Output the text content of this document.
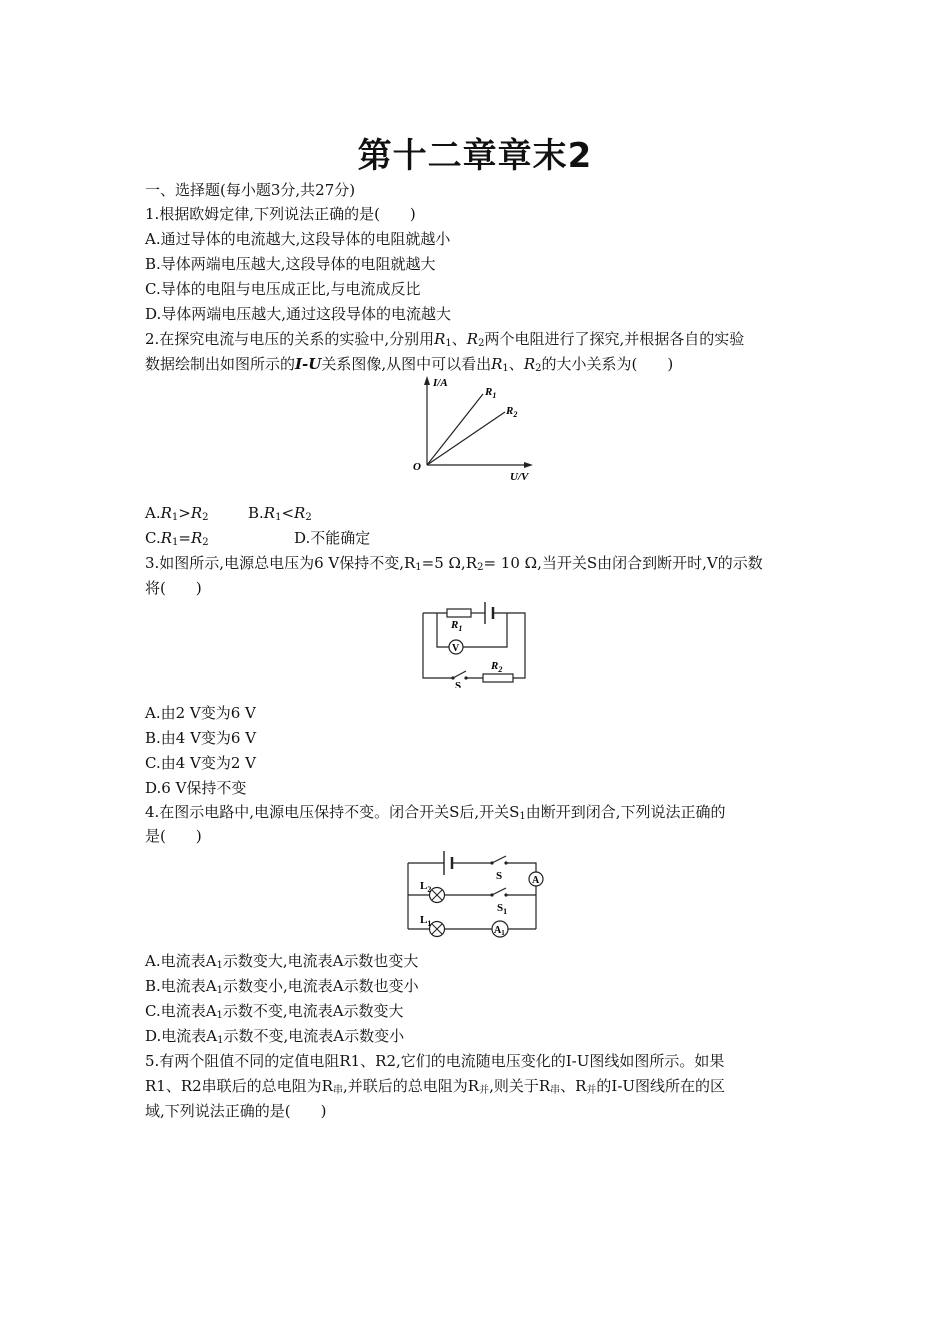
第十二章章末2
一、选择题(每小题3分,共27分)
1.根据欧姆定律,下列说法正确的是(　　)
A.通过导体的电流越大,这段导体的电阻就越小
B.导体两端电压越大,这段导体的电阻就越大
C.导体的电阻与电压成正比,与电流成反比
D.导体两端电压越大,通过这段导体的电流越大
2.在探究电流与电压的关系的实验中,分别用$R_1$、$R_2$两个电阻进行了探究,并根据各自的实验
数据绘制出如图所示的I-U关系图像,从图中可以看出$R_1$、$R_2$的大小关系为(　　)
I/A
U/V
O
$R_1$
$R_2$
$A.R_1>R_2$	$B.R_1<R_2$
$C.R_1=R_2$	D.不能确定
3.如图所示,电源总电压为6 V保持不变$,R_1=5$ $\Omega,R_2= 10$ Ω,当开关S由闭合到断开时,V的示数
将(　　)
V
$R_1$
$R_2$
S
A.由2 V变为6 V
B.由4 V变为6 V
C.由4 V变为2 V
D.6 V保持不变
4.在图示电路中,电源电压保持不变。闭合开关S后,开关$S_1$由断开到闭合,下列说法正确的
是(　　)
A
$A_1$
S
$S_1$
$L_2$
$L_1$
A.电流表$A_1$示数变大,电流表A示数也变大
B.电流表$A_1$示数变小,电流表A示数也变小
C.电流表$A_1$示数不变,电流表A示数变大
D.电流表$A_1$示数不变,电流表A示数变小
5.有两个阻值不同的定值电阻R1、R2,它们的电流随电压变化的I-U图线如图所示。如果
R1、R2串联后的总电阻为$R_串$,并联后的总电阻为$R_并$,则关于$R_串$、$R_并$的I-U图线所在的区
域,下列说法正确的是(　　)
